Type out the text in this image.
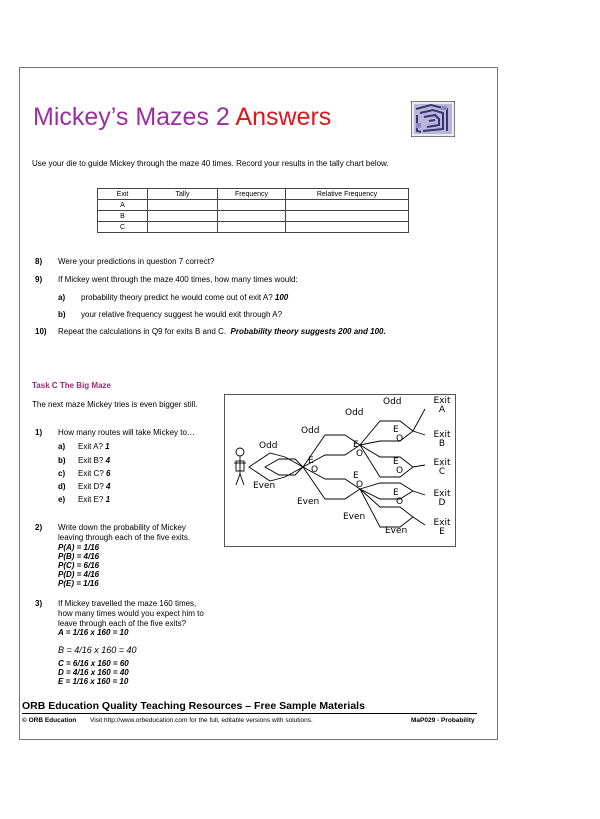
Mickey’s Mazes 2 Answers
Use your die to guide Mickey through the maze 40 times. Record your results in the tally chart below.
Exit	Tally	Frequency	Relative Frequency
A			
B			
C			
8) Were your predictions in question 7 correct?
9) If Mickey went through the maze 400 times, how many times would:
a) probability theory predict he would come out of exit A? 100
b) your relative frequency suggest he would exit through A?
10) Repeat the calculations in Q9 for exits B and C. Probability theory suggests 200 and 100.
Task C The Big Maze
The next maze Mickey tries is even bigger still.
1) How many routes will take Mickey to…
a) Exit A? 1
b) Exit B? 4
c) Exit C? 6
d) Exit D? 4
e) Exit E? 1
2) Write down the probability of Mickey
leaving through each of the five exits.
P(A) = 1/16
P(B) = 4/16
P(C) = 6/16
P(D) = 4/16
P(E) = 1/16
3) If Mickey travelled the maze 160 times,
how many times would you expect him to
leave through each of the five exits?
A = 1/16 x 160 = 10
B = 4/16 x 160 = 40
C = 6/16 x 160 = 60
D = 4/16 x 160 = 40
E = 1/16 x 160 = 10
Odd
Even
Odd
Odd
Odd
Even
Even
Even
E
O
E
O
E
O
E
O
E
O
E
O
Exit A
Exit B
Exit C
Exit D
Exit E
ORB Education Quality Teaching Resources – Free Sample Materials
© ORB Education Visit http://www.orbeducation.com for the full, editable versions with solutions.	MaP029 - Probability
